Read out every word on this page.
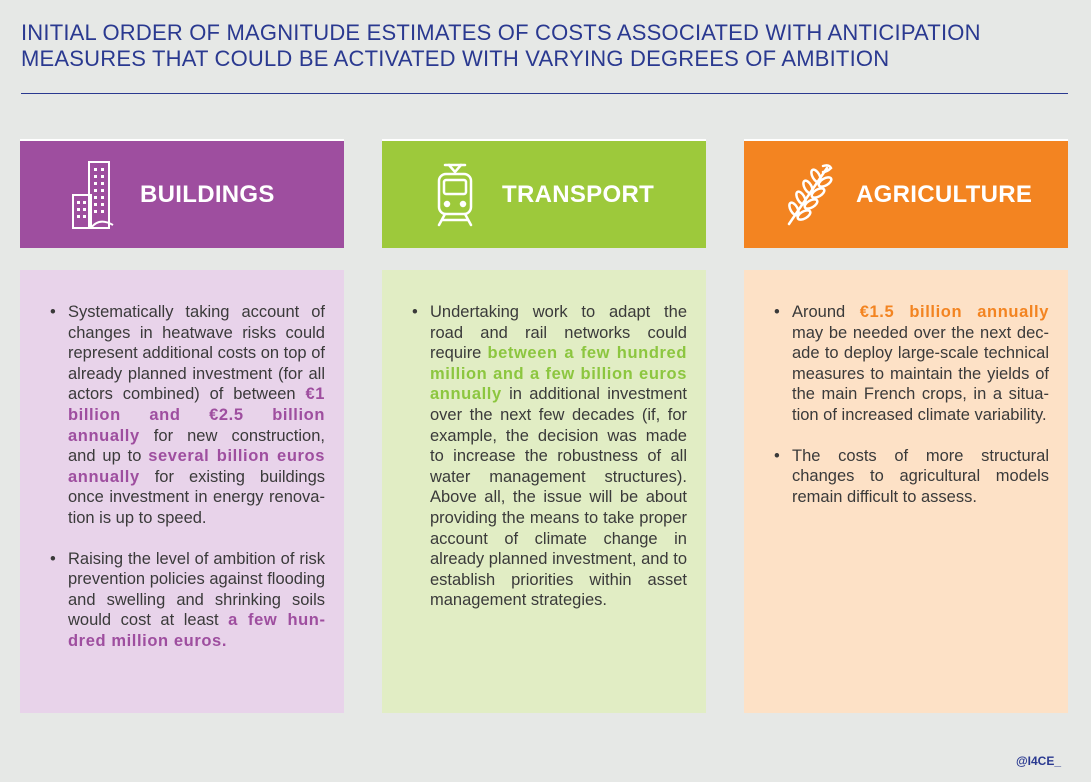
INITIAL ORDER OF MAGNITUDE ESTIMATES OF COSTS ASSOCIATED WITH ANTICIPATION MEASURES THAT COULD BE ACTIVATED WITH VARYING DEGREES OF AMBITION
BUILDINGS
• Systematically taking account of changes in heatwave risks could represent additional costs on top of already planned investment (for all actors combined) of between €1 billion and €2.5 billion annually for new construction, and up to several billion euros annually for existing buildings once investment in energy renovation is up to speed.
• Raising the level of ambition of risk prevention policies against flooding and swelling and shrinking soils would cost at least a few hundred million euros.
TRANSPORT
• Undertaking work to adapt the road and rail networks could require between a few hundred million and a few billion euros annually in additional investment over the next few decades (if, for example, the decision was made to increase the robustness of all water management structures). Above all, the issue will be about providing the means to take proper account of climate change in already planned investment, and to establish priorities within asset management strategies.
AGRICULTURE
• Around €1.5 billion annually may be needed over the next decade to deploy large-scale technical measures to maintain the yields of the main French crops, in a situation of increased climate variability.
• The costs of more structural changes to agricultural models remain difficult to assess.
@I4CE_
